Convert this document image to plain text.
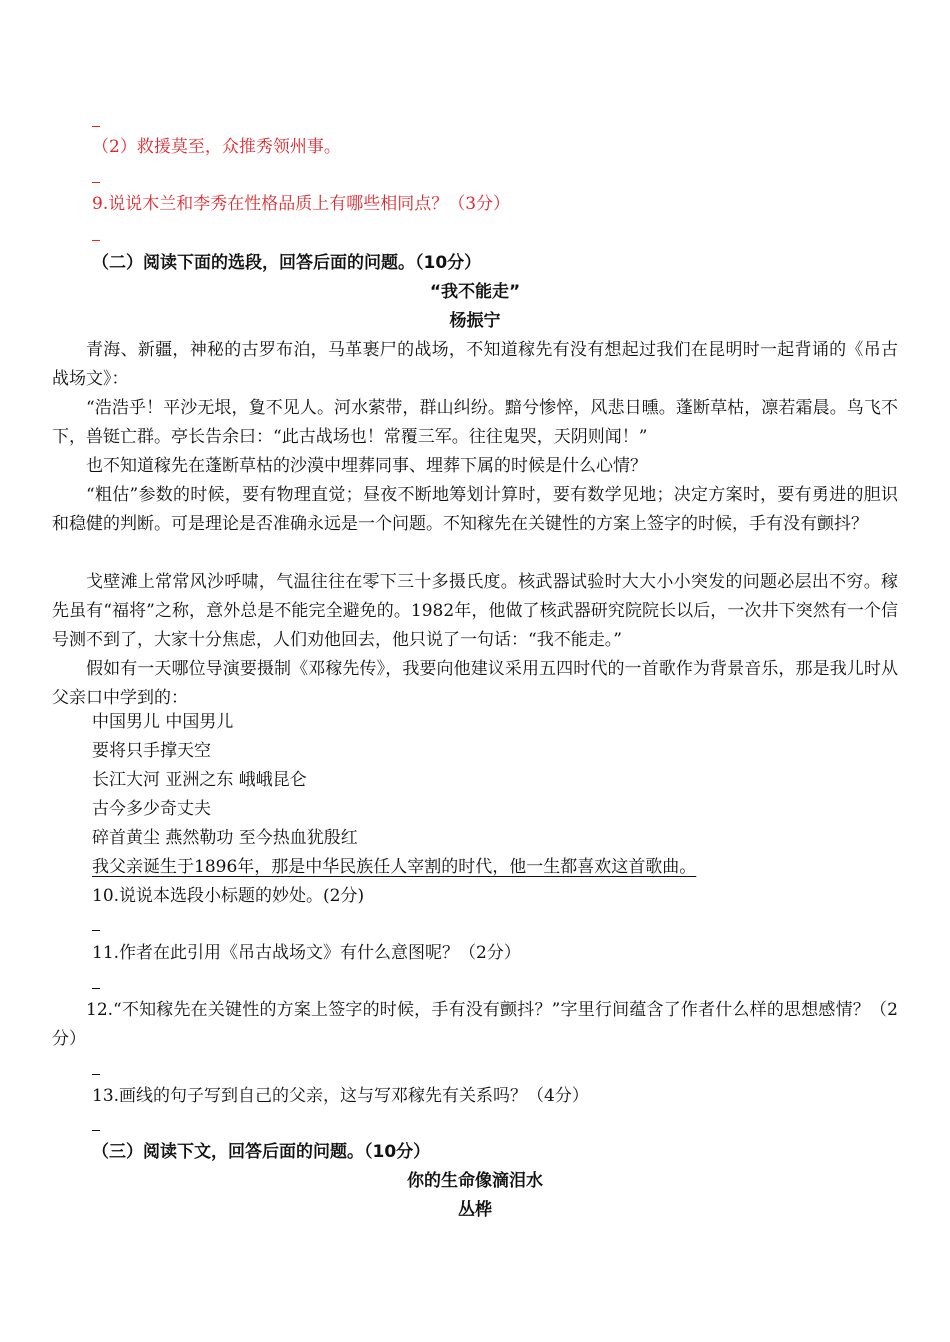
（2）救援莫至，众推秀领州事。
9.说说木兰和李秀在性格品质上有哪些相同点？（3分）
（二）阅读下面的选段，回答后面的问题。（10分）
“我不能走”
杨振宁
青海、新疆，神秘的古罗布泊，马革裹尸的战场，不知道稼先有没有想起过我们在昆明时一起背诵的《吊古战场文》：
“浩浩乎！平沙无垠，夐不见人。河水萦带，群山纠纷。黯兮惨悴，风悲日曛。蓬断草枯，凛若霜晨。鸟飞不下，兽铤亡群。亭长告余曰：“此古战场也！常覆三军。往往鬼哭，天阴则闻！”
也不知道稼先在蓬断草枯的沙漠中埋葬同事、埋葬下属的时候是什么心情？
“粗估”参数的时候，要有物理直觉；昼夜不断地筹划计算时，要有数学见地；决定方案时，要有勇进的胆识和稳健的判断。可是理论是否准确永远是一个问题。不知稼先在关键性的方案上签字的时候，手有没有颤抖？
戈壁滩上常常风沙呼啸，气温往往在零下三十多摄氏度。核武器试验时大大小小突发的问题必层出不穷。稼先虽有“福将”之称，意外总是不能完全避免的。1982年，他做了核武器研究院院长以后，一次井下突然有一个信号测不到了，大家十分焦虑，人们劝他回去，他只说了一句话：“我不能走。”
假如有一天哪位导演要摄制《邓稼先传》，我要向他建议采用五四时代的一首歌作为背景音乐，那是我儿时从父亲口中学到的：
中国男儿 中国男儿
要将只手撑天空
长江大河 亚洲之东 峨峨昆仑
古今多少奇丈夫
碎首黄尘 燕然勒功 至今热血犹殷红
我父亲诞生于1896年，那是中华民族任人宰割的时代，他一生都喜欢这首歌曲。
10.说说本选段小标题的妙处。(2分)
11.作者在此引用《吊古战场文》有什么意图呢？（2分）
12.“不知稼先在关键性的方案上签字的时候，手有没有颤抖？”字里行间蕴含了作者什么样的思想感情？（2分）
13.画线的句子写到自己的父亲，这与写邓稼先有关系吗？（4分）
（三）阅读下文，回答后面的问题。（10分）
你的生命像滴泪水
丛桦
